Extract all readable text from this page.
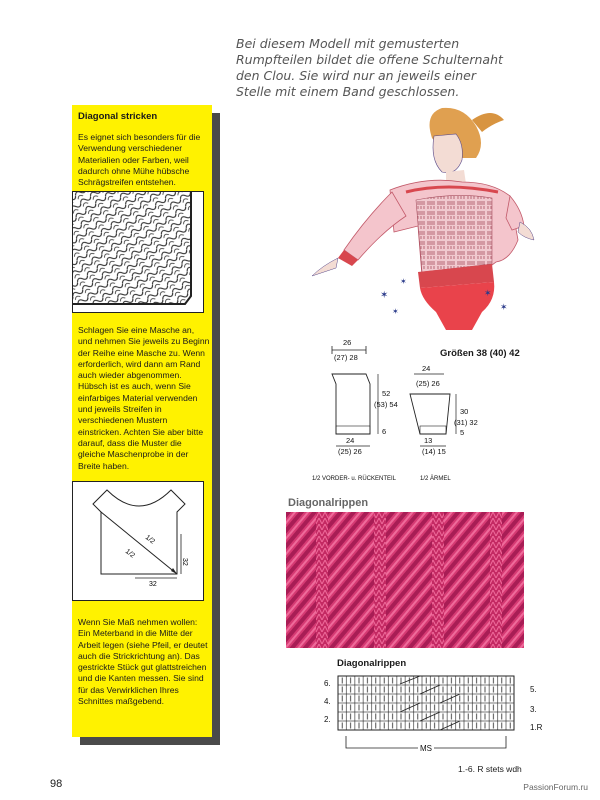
Bei diesem Modell mit gemusterten
Rumpfteilen bildet die offene Schulternaht
den Clou. Sie wird nur an jeweils einer
Stelle mit einem Band geschlossen.
Diagonal stricken
Es eignet sich besonders für die Verwendung verschiedener Materialien oder Farben, weil dadurch ohne Mühe hübsche Schrägstreifen entstehen.
Schlagen Sie eine Masche an, und nehmen Sie jeweils zu Beginn der Reihe eine Masche zu. Wenn erforderlich, wird dann am Rand auch wieder abgenommen. Hübsch ist es auch, wenn Sie einfarbiges Material verwenden und jeweils Streifen in verschiedenen Mustern einstricken. Achten Sie aber bitte darauf, dass die Muster die gleiche Maschenprobe in der Breite haben.
1/2
1/2
32
32
Wenn Sie Maß nehmen wollen: Ein Meterband in die Mitte der Arbeit legen (siehe Pfeil, er deutet auch die Strickrichtung an). Das gestrickte Stück gut glattstreichen und die Kanten messen. Sie sind für das Verwirklichen Ihres Schnittes maßgebend.
✶
✶
✶
✶
✶
Größen 38 (40) 42
26
(27) 28
52
(53) 54
6
24
(25) 26
1/2 VORDER- u. RÜCKENTEIL
24
(25) 26
30
(31) 32
5
13
(14) 15
1/2 ÄRMEL
Diagonalrippen
Diagonalrippen
6.
4.
2.
5.
3.
1.R
MS
1.-6. R stets wdh
98	PassionForum.ru
